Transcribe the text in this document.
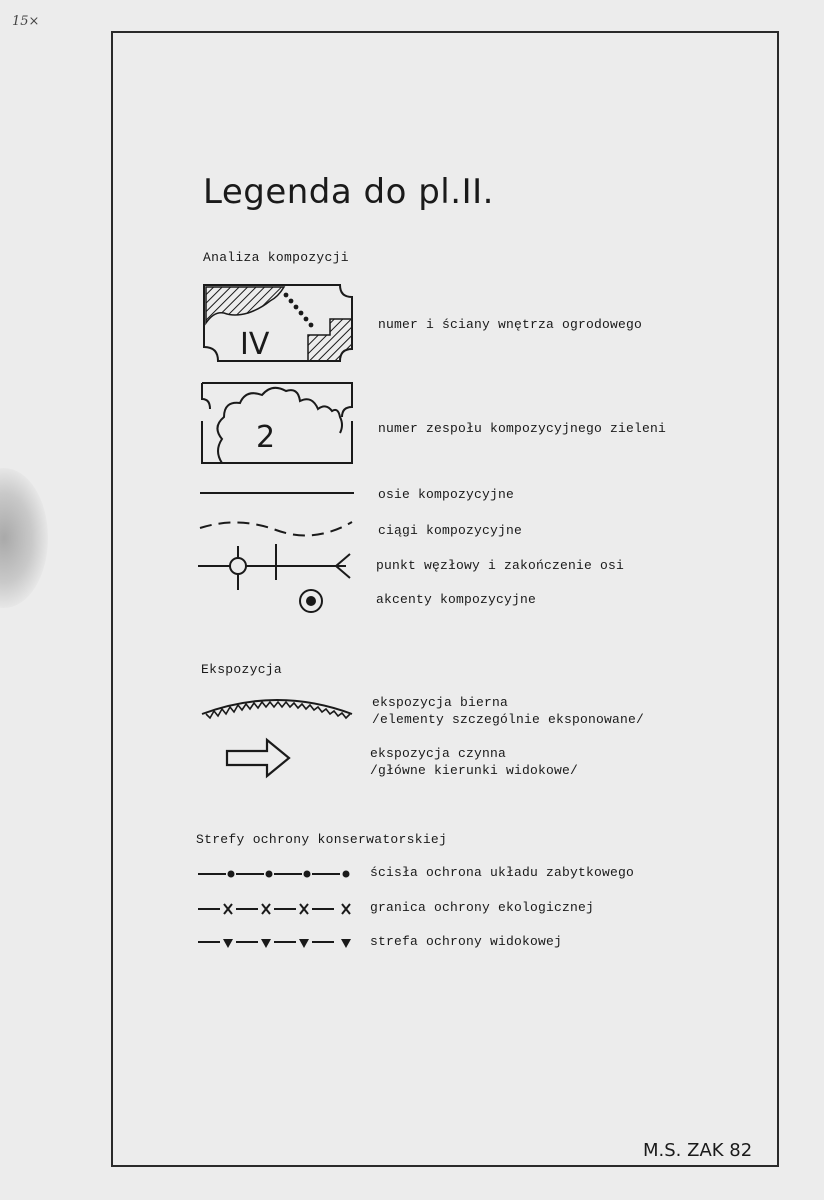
15×
Legenda do pl.II.
Analiza kompozycji
IV
numer i ściany wnętrza ogrodowego
2	numer zespołu kompozycyjnego zieleni
osie kompozycyjne
ciągi kompozycyjne
punkt węzłowy i zakończenie osi
akcenty kompozycyjne
Ekspozycja
ekspozycja bierna
/elementy szczególnie eksponowane/
ekspozycja czynna
/główne kierunki widokowe/
Strefy ochrony konserwatorskiej
ścisła ochrona układu zabytkowego
granica ochrony ekologicznej
strefa ochrony widokowej
M.S. ZAK 82
